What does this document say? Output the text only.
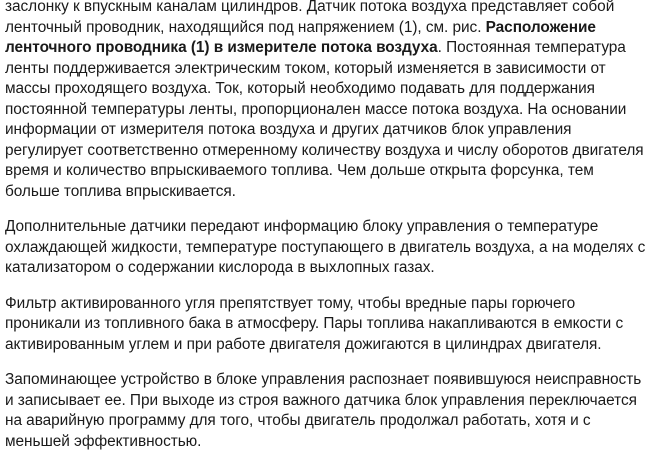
заслонку к впускным каналам цилиндров. Датчик потока воздуха представляет собой ленточный проводник, находящийся под напряжением (1), см. рис. Расположение ленточного проводника (1) в измерителе потока воздуха. Постоянная температура ленты поддерживается электрическим током, который изменяется в зависимости от массы проходящего воздуха. Ток, который необходимо подавать для поддержания постоянной температуры ленты, пропорционален массе потока воздуха. На основании информации от измерителя потока воздуха и других датчиков блок управления регулирует соответственно отмеренному количеству воздуха и числу оборотов двигателя время и количество впрыскиваемого топлива. Чем дольше открыта форсунка, тем больше топлива впрыскивается.

Дополнительные датчики передают информацию блоку управления о температуре охлаждающей жидкости, температуре поступающего в двигатель воздуха, а на моделях с катализатором о содержании кислорода в выхлопных газах.

Фильтр активированного угля препятствует тому, чтобы вредные пары горючего проникали из топливного бака в атмосферу. Пары топлива накапливаются в емкости с активированным углем и при работе двигателя дожигаются в цилиндрах двигателя.

Запоминающее устройство в блоке управления распознает появившуюся неисправность и записывает ее. При выходе из строя важного датчика блок управления переключается на аварийную программу для того, чтобы двигатель продолжал работать, хотя и с меньшей эффективностью.
